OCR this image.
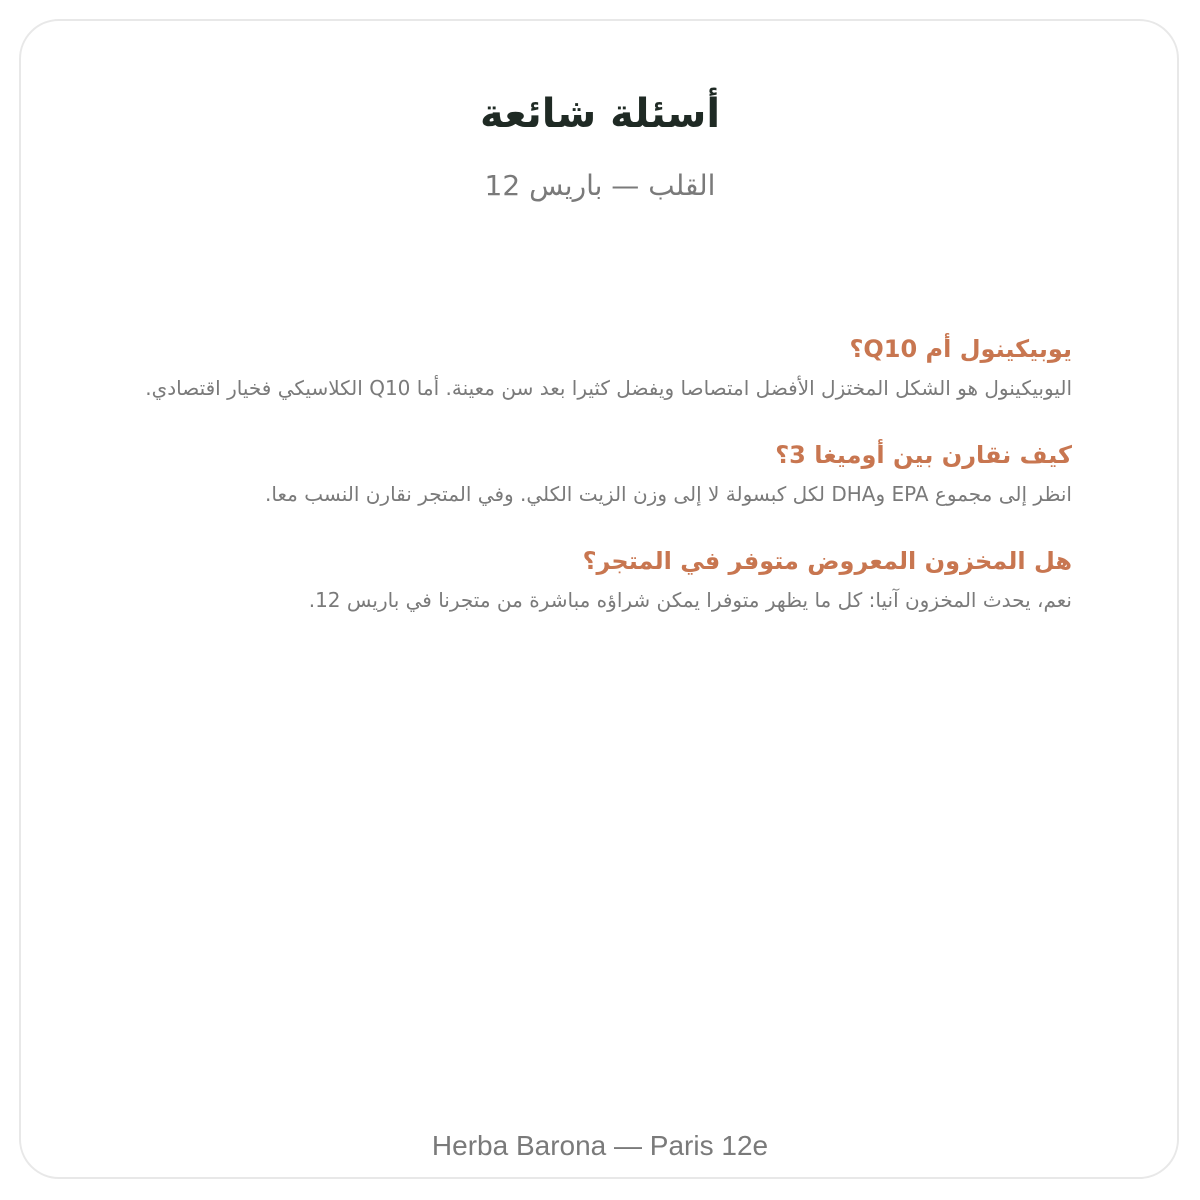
أسئلة شائعة
القلب — باريس 12
يوبيكينول أم Q10؟

اليوبيكينول هو الشكل المختزل الأفضل امتصاصا ويفضل كثيرا بعد سن معينة. أما Q10 الكلاسيكي فخيار اقتصادي.

كيف نقارن بين أوميغا 3؟

انظر إلى مجموع EPA وDHA لكل كبسولة لا إلى وزن الزيت الكلي. وفي المتجر نقارن النسب معا.

هل المخزون المعروض متوفر في المتجر؟

نعم، يحدث المخزون آنيا: كل ما يظهر متوفرا يمكن شراؤه مباشرة من متجرنا في باريس 12.

Herba Barona — Paris 12e
